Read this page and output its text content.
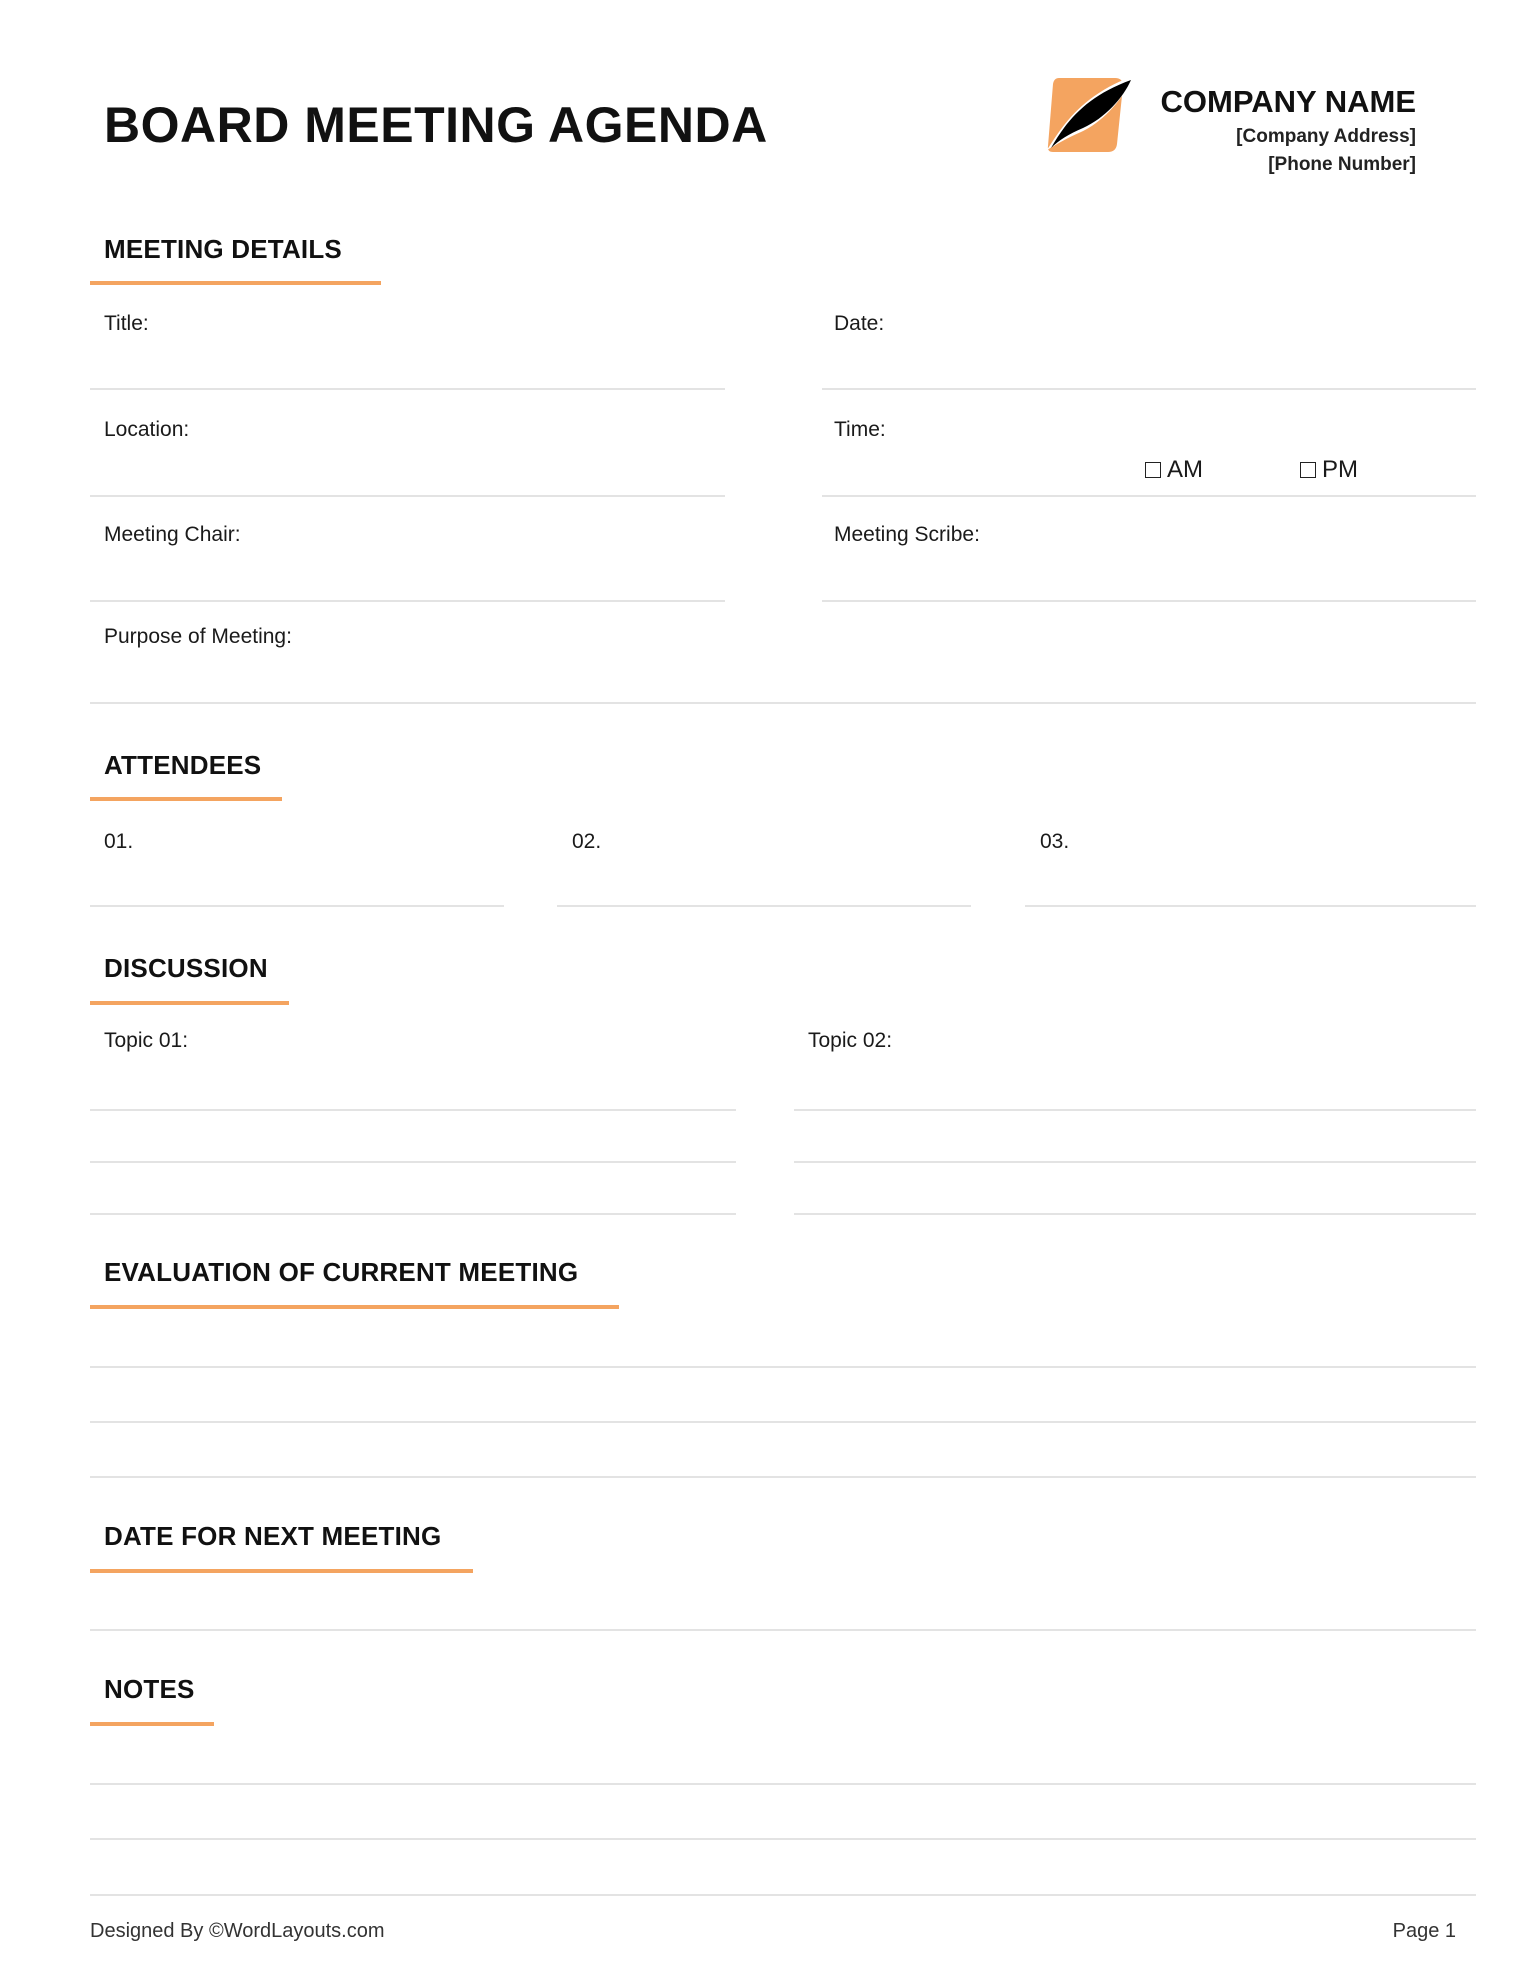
BOARD MEETING AGENDA	COMPANY NAME
[Company Address]
[Phone Number]
MEETING DETAILS
Title:	Date:
Location:	Time:
AM	PM
Meeting Chair:	Meeting Scribe:
Purpose of Meeting:
ATTENDEES
01.	02.	03.
DISCUSSION
Topic 01:	Topic 02:
EVALUATION OF CURRENT MEETING
DATE FOR NEXT MEETING
NOTES
Designed By ©WordLayouts.com	Page 1
